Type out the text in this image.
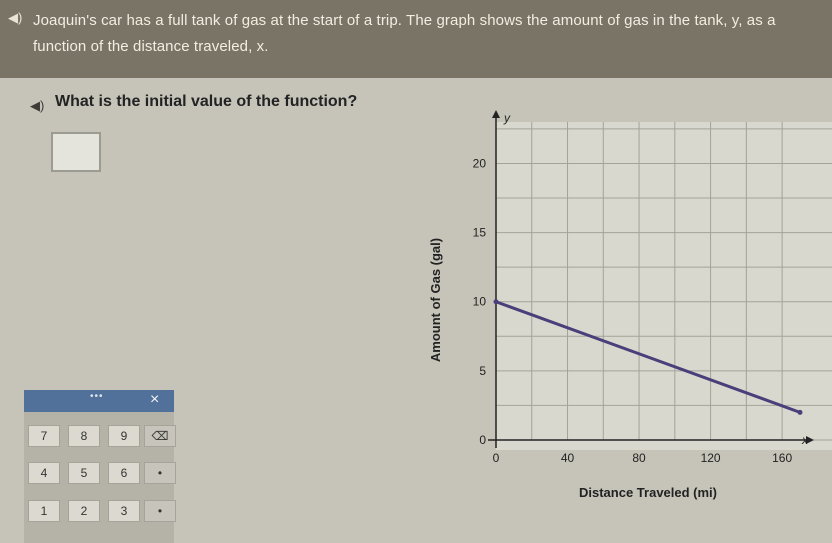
◀) Joaquin's car has a full tank of gas at the start of a trip. The graph shows the amount of gas in the tank, y, as a function of the distance traveled, x.
◀) What is the initial value of the function?
•••	×
7	8	9	⌫
4	5	6	•
1	2	3	•
0	40	80	120	160
0
5
10
15
20
y
x
Distance Traveled (mi)
Amount of Gas (gal)
